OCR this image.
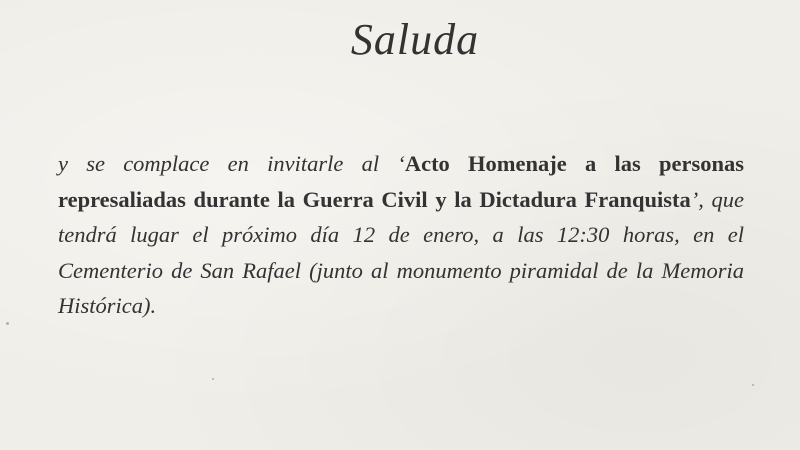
Saluda
y se complace en invitarle al ‘Acto Homenaje a las personas represaliadas durante la Guerra Civil y la Dictadura Franquista’, que tendrá lugar el próximo día 12 de enero, a las 12:30 horas, en el Cementerio de San Rafael (junto al monumento piramidal de la Memoria Histórica).
